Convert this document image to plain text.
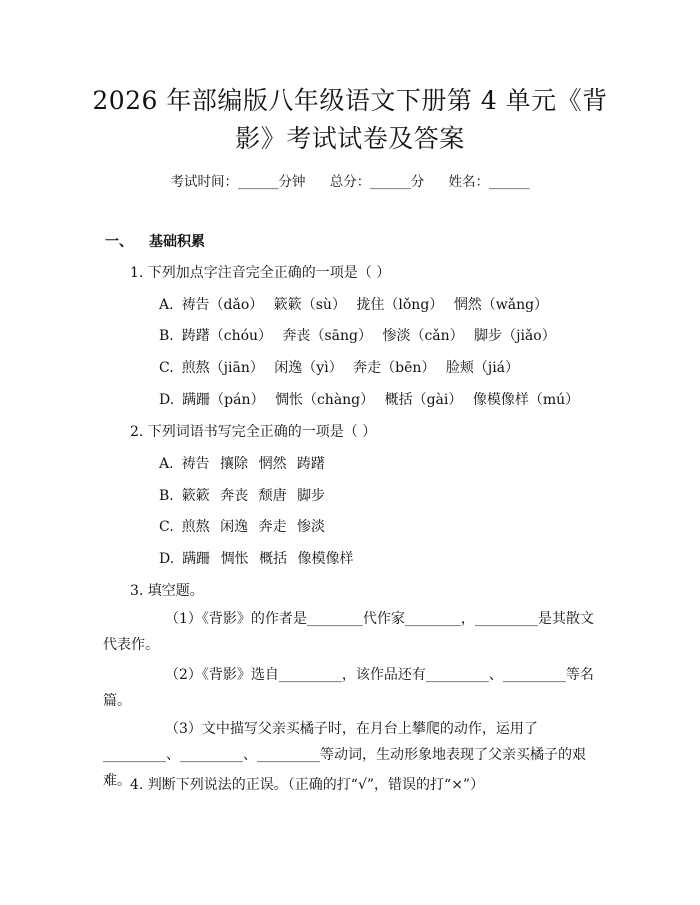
2026 年部编版八年级语文下册第 4 单元《背
影》考试试卷及答案
考试时间：______分钟 总分：______分 姓名：______
一、 基础积累
1. 下列加点字注音完全正确的一项是（ ）
A. 祷告（dǎo） 簌簌（sù） 拢住（lǒng） 惘然（wǎng）
B. 踌躇（chóu） 奔丧（sāng） 惨淡（cǎn） 脚步（jiǎo）
C. 煎熬（jiān） 闲逸（yì） 奔走（bēn） 脸颊（jiá）
D. 蹒跚（pán） 惆怅（chàng） 概括（gài） 像模像样（mú）
2. 下列词语书写完全正确的一项是（ ）
A. 祷告 攘除 惘然 踌躇
B. 簌簌 奔丧 颓唐 脚步
C. 煎熬 闲逸 奔走 惨淡
D. 蹒跚 惆怅 概括 像模像样
3. 填空题。
（1）《背影》的作者是________代作家________，_________是其散文代表作。
（2）《背影》选自_________，该作品还有_________、_________等名篇。
（3）文中描写父亲买橘子时，在月台上攀爬的动作，运用了_________、_________、_________等动词，生动形象地表现了父亲买橘子的艰难。 4. 判断下列说法的正误。（正确的打“√”，错误的打“×”）
